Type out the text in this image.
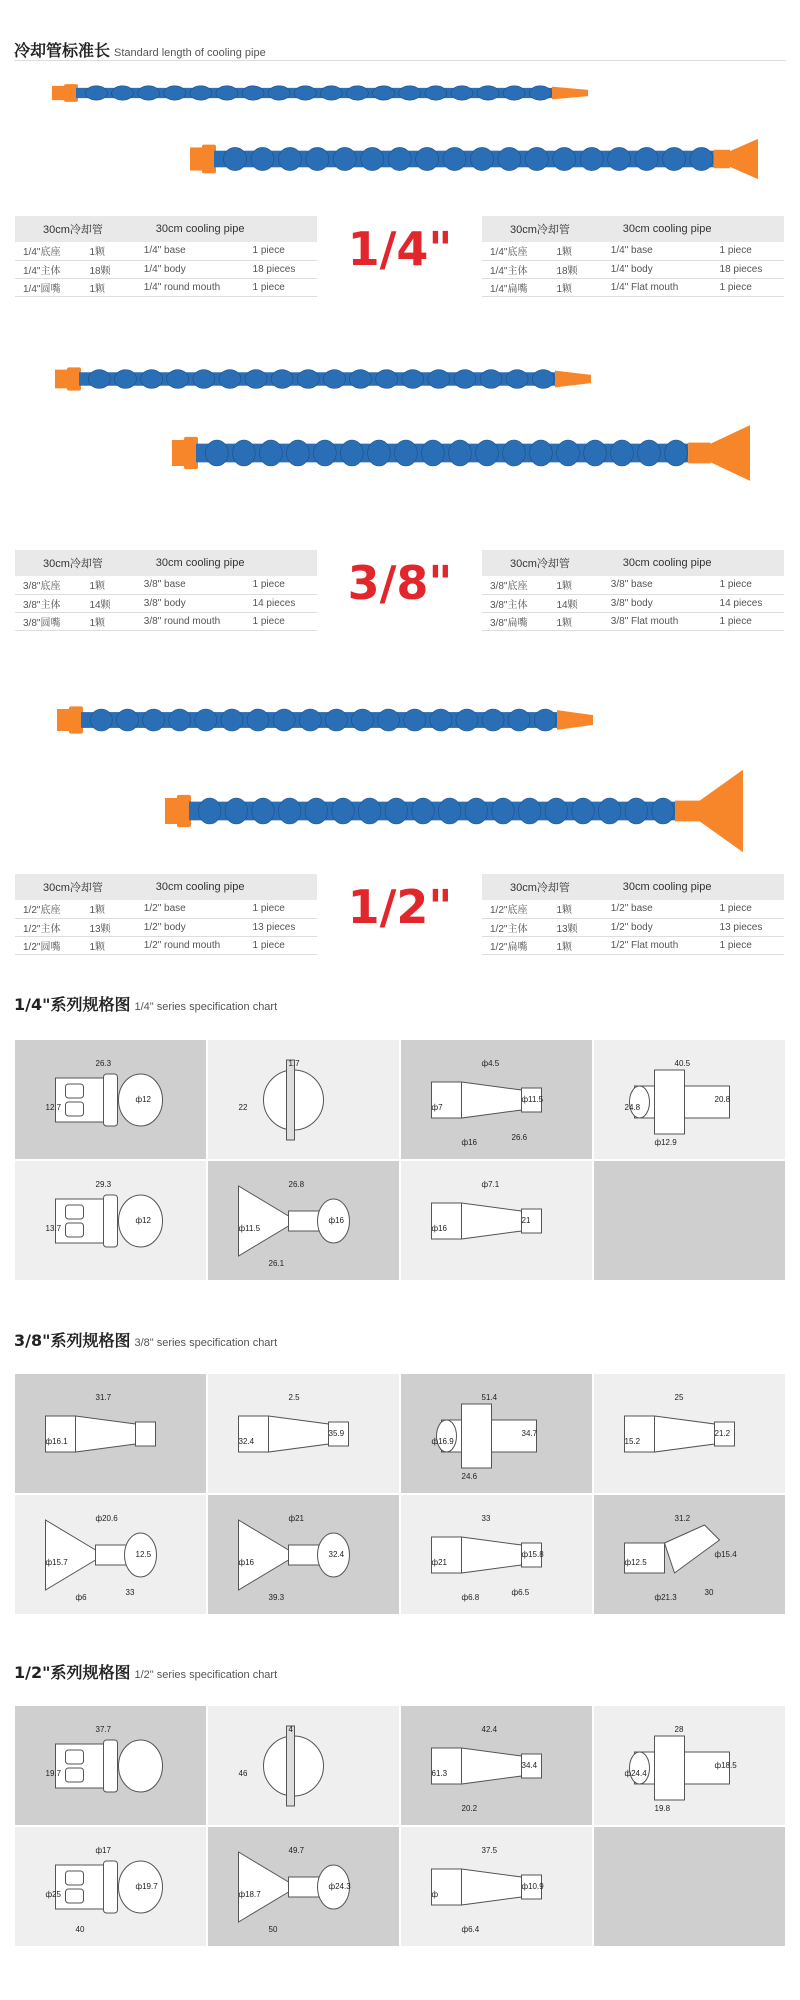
冷却管标准长 Standard length of cooling pipe
30cm冷却管		30cm cooling pipe	
1/4"底座	1颗	1/4" base	1 piece
1/4"主体	18颗	1/4" body	18 pieces
1/4"圆嘴	1颗	1/4" round mouth	1 piece
1/4"	30cm冷却管		30cm cooling pipe	
1/4"底座	1颗	1/4" base	1 piece
1/4"主体	18颗	1/4" body	18 pieces
1/4"扁嘴	1颗	1/4" Flat mouth	1 piece
30cm冷却管		30cm cooling pipe	
3/8"底座	1颗	3/8" base	1 piece
3/8"主体	14颗	3/8" body	14 pieces
3/8"圆嘴	1颗	3/8" round mouth	1 piece
3/8"	30cm冷却管		30cm cooling pipe	
3/8"底座	1颗	3/8" base	1 piece
3/8"主体	14颗	3/8" body	14 pieces
3/8"扁嘴	1颗	3/8" Flat mouth	1 piece
30cm冷却管		30cm cooling pipe	
1/2"底座	1颗	1/2" base	1 piece
1/2"主体	13颗	1/2" body	13 pieces
1/2"圆嘴	1颗	1/2" round mouth	1 piece
1/2"	30cm冷却管		30cm cooling pipe	
1/2"底座	1颗	1/2" base	1 piece
1/2"主体	13颗	1/2" body	13 pieces
1/2"扁嘴	1颗	1/2" Flat mouth	1 piece
1/4"系列规格图 1/4" series specification chart
26.3
12.7
ф12
1.7
22
ф4.5
ф7
ф11.5
ф16
26.6
40.5
24.8
20.8
ф12.9
29.3
13.7
ф12
26.8
ф11.5
ф16
26.1
ф7.1
ф16
21
3/8"系列规格图 3/8" series specification chart
31.7
ф16.1
2.5
32.4
35.9
51.4
ф16.9
34.7
24.6
25
15.2
21.2
ф20.6
ф15.7
12.5
ф6
33
ф21
ф16
32.4
39.3
33
ф21
ф15.8
ф6.8
ф6.5
31.2
ф12.5
ф15.4
ф21.3
30
1/2"系列规格图 1/2" series specification chart
37.7
19.7
4
46
42.4
61.3
34.4
20.2
28
ф24.4
ф18.5
19.8
ф17
ф25
ф19.7
40
49.7
ф18.7
ф24.3
50
37.5
ф
ф10.9
ф6.4
